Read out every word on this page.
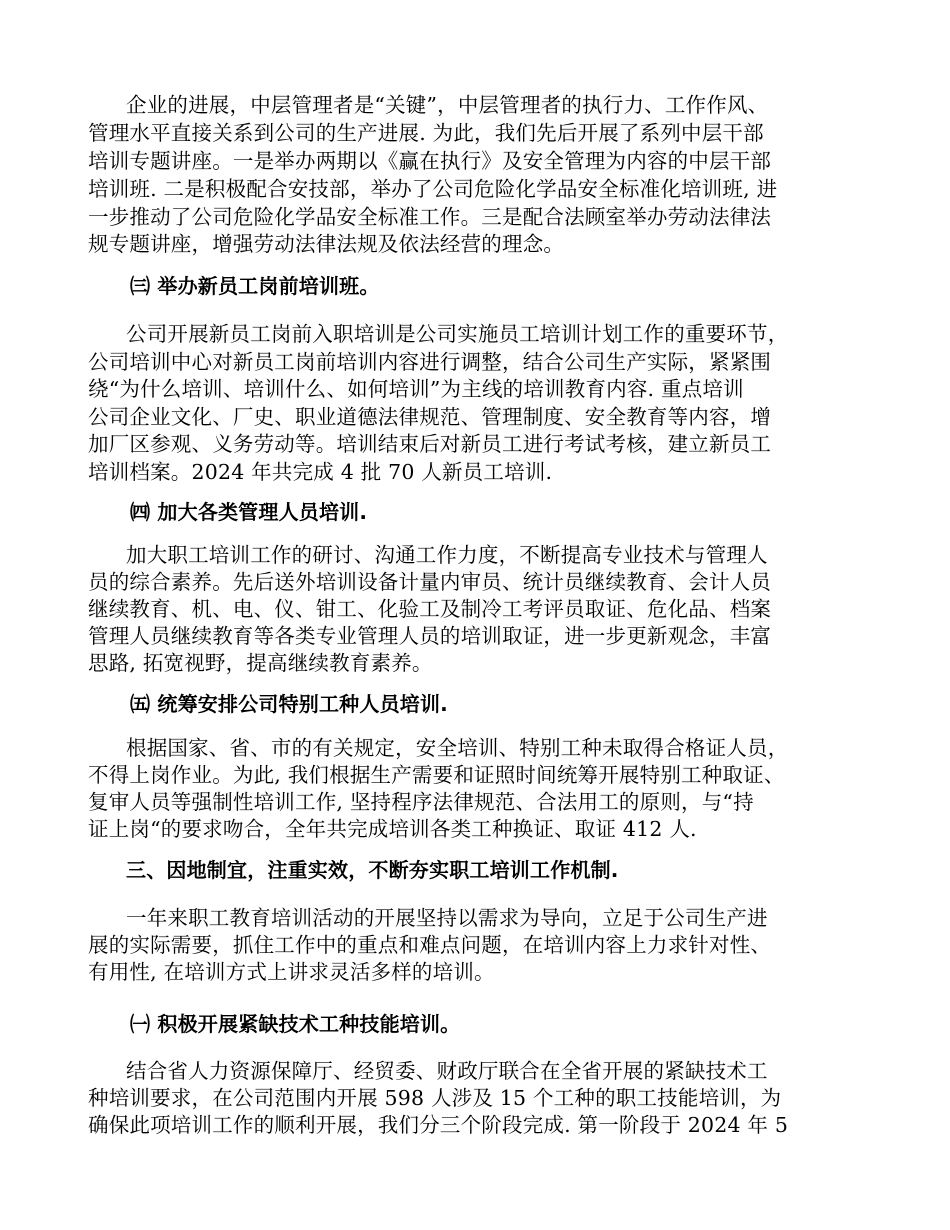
企业的进展，中层管理者是“关键”，中层管理者的执行力、工作作风、
管理水平直接关系到公司的生产进展. 为此，我们先后开展了系列中层干部
培训专题讲座。一是举办两期以《赢在执行》及安全管理为内容的中层干部
培训班. 二是积极配合安技部，举办了公司危险化学品安全标准化培训班, 进
一步推动了公司危险化学品安全标准工作。三是配合法顾室举办劳动法律法
规专题讲座，增强劳动法律法规及依法经营的理念。
㈢ 举办新员工岗前培训班。
公司开展新员工岗前入职培训是公司实施员工培训计划工作的重要环节，
公司培训中心对新员工岗前培训内容进行调整，结合公司生产实际，紧紧围
绕“为什么培训、培训什么、如何培训”为主线的培训教育内容. 重点培训
公司企业文化、厂史、职业道德法律规范、管理制度、安全教育等内容，增
加厂区参观、义务劳动等。培训结束后对新员工进行考试考核，建立新员工
培训档案。2024 年共完成 4 批 70 人新员工培训.
㈣ 加大各类管理人员培训.
加大职工培训工作的研讨、沟通工作力度，不断提高专业技术与管理人
员的综合素养。先后送外培训设备计量内审员、统计员继续教育、会计人员
继续教育、机、电、仪、钳工、化验工及制冷工考评员取证、危化品、档案
管理人员继续教育等各类专业管理人员的培训取证，进一步更新观念，丰富
思路, 拓宽视野，提高继续教育素养。
㈤ 统筹安排公司特别工种人员培训.
根据国家、省、市的有关规定，安全培训、特别工种未取得合格证人员，
不得上岗作业。为此, 我们根据生产需要和证照时间统筹开展特别工种取证、
复审人员等强制性培训工作, 坚持程序法律规范、合法用工的原则，与“持
证上岗“的要求吻合，全年共完成培训各类工种换证、取证 412 人.
三、因地制宜，注重实效，不断夯实职工培训工作机制.
一年来职工教育培训活动的开展坚持以需求为导向，立足于公司生产进
展的实际需要，抓住工作中的重点和难点问题，在培训内容上力求针对性、
有用性, 在培训方式上讲求灵活多样的培训。
㈠ 积极开展紧缺技术工种技能培训。
结合省人力资源保障厅、经贸委、财政厅联合在全省开展的紧缺技术工
种培训要求，在公司范围内开展 598 人涉及 15 个工种的职工技能培训，为
确保此项培训工作的顺利开展，我们分三个阶段完成. 第一阶段于 2024 年 5
